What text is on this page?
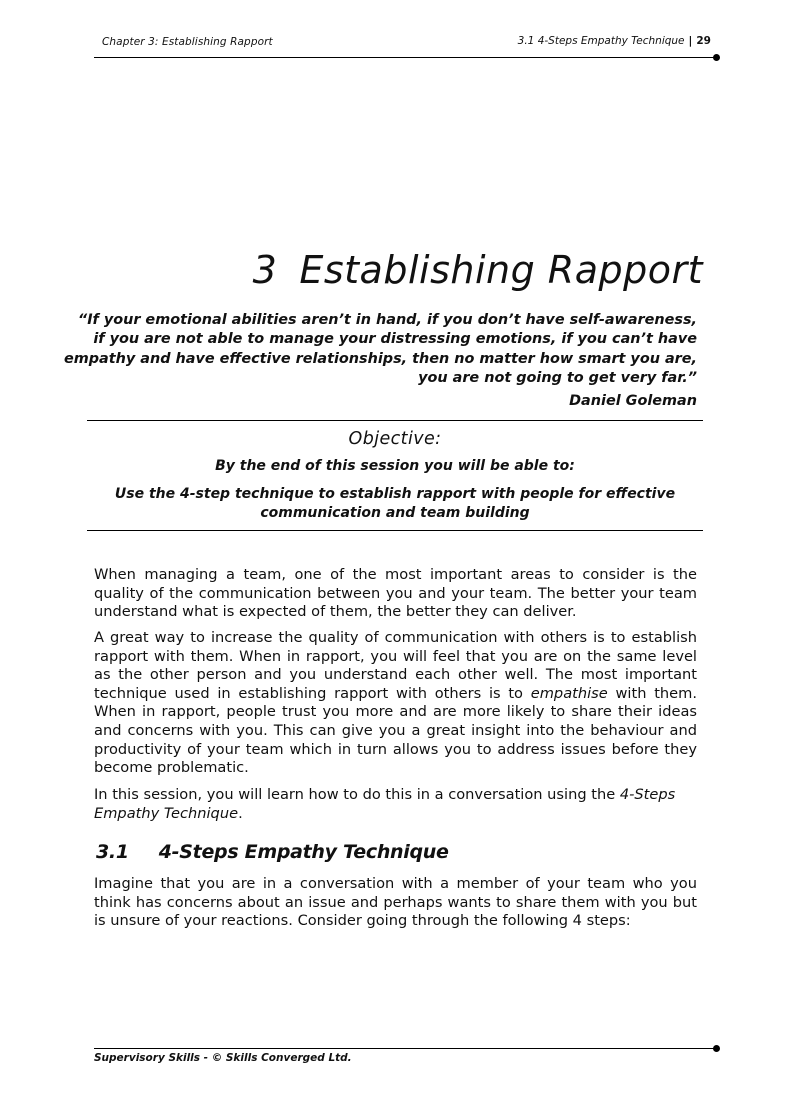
Chapter 3: Establishing Rapport	3.1 4-Steps Empathy Technique | 29
3 Establishing Rapport
“If your emotional abilities aren’t in hand, if you don’t have self-awareness,
if you are not able to manage your distressing emotions, if you can’t have
empathy and have effective relationships, then no matter how smart you are,
you are not going to get very far.”
Daniel Goleman
Objective:
By the end of this session you will be able to:
Use the 4-step technique to establish rapport with people for effective
communication and team building

When managing a team, one of the most important areas to consider is the quality of the communication between you and your team. The better your team understand what is expected of them, the better they can deliver.

A great way to increase the quality of communication with others is to establish rapport with them. When in rapport, you will feel that you are on the same level as the other person and you understand each other well. The most important technique used in establishing rapport with others is to empathise with them. When in rapport, people trust you more and are more likely to share their ideas and concerns with you. This can give you a great insight into the behaviour and productivity of your team which in turn allows you to address issues before they become problematic.

In this session, you will learn how to do this in a conversation using the 4-Steps Empathy Technique.

3.1 4-Steps Empathy Technique

Imagine that you are in a conversation with a member of your team who you think has concerns about an issue and perhaps wants to share them with you but is unsure of your reactions. Consider going through the following 4 steps:

Supervisory Skills - © Skills Converged Ltd.
